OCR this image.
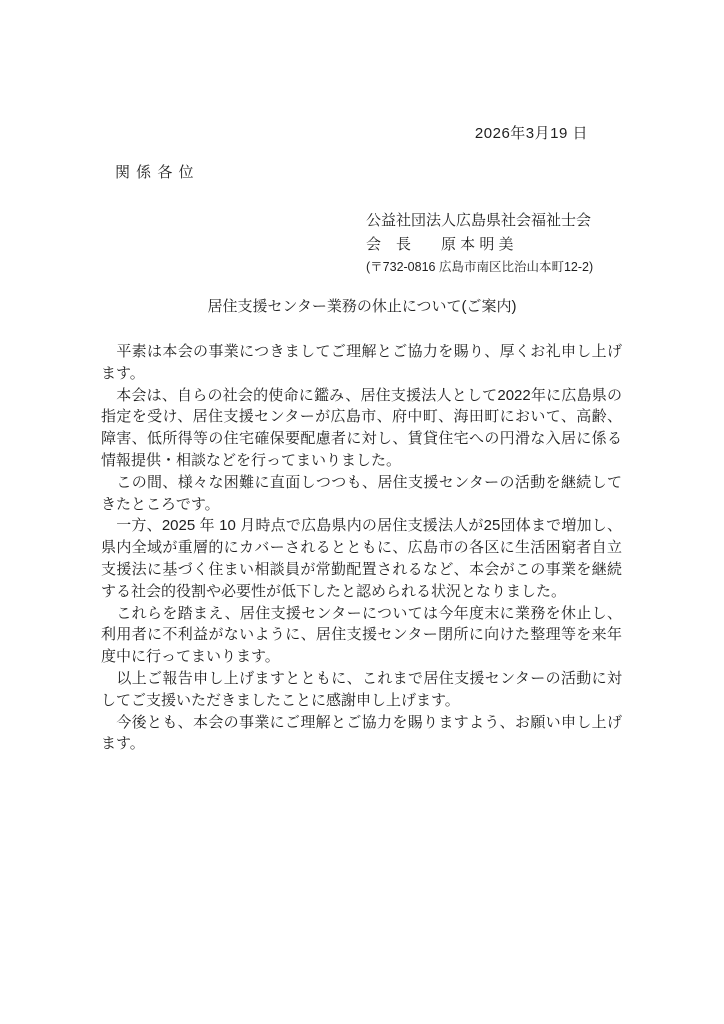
2026年3月19 日
関 係 各 位
公益社団法人広島県社会福祉士会
会　長　　原 本 明 美
(〒732-0816 広島市南区比治山本町12-2)
居住支援センター業務の休止について(ご案内)

　平素は本会の事業につきましてご理解とご協力を賜り、厚くお礼申し上げます。

　本会は、自らの社会的使命に鑑み、居住支援法人として2022年に広島県の指定を受け、居住支援センターが広島市、府中町、海田町において、高齢、障害、低所得等の住宅確保要配慮者に対し、賃貸住宅への円滑な入居に係る情報提供・相談などを行ってまいりました。

　この間、様々な困難に直面しつつも、居住支援センターの活動を継続してきたところです。

　一方、2025 年 10 月時点で広島県内の居住支援法人が25団体まで増加し、県内全域が重層的にカバーされるとともに、広島市の各区に生活困窮者自立支援法に基づく住まい相談員が常勤配置されるなど、本会がこの事業を継続する社会的役割や必要性が低下したと認められる状況となりました。

　これらを踏まえ、居住支援センターについては今年度末に業務を休止し、利用者に不利益がないように、居住支援センター閉所に向けた整理等を来年度中に行ってまいります。

　以上ご報告申し上げますとともに、これまで居住支援センターの活動に対してご支援いただきましたことに感謝申し上げます。

　今後とも、本会の事業にご理解とご協力を賜りますよう、お願い申し上げます。
